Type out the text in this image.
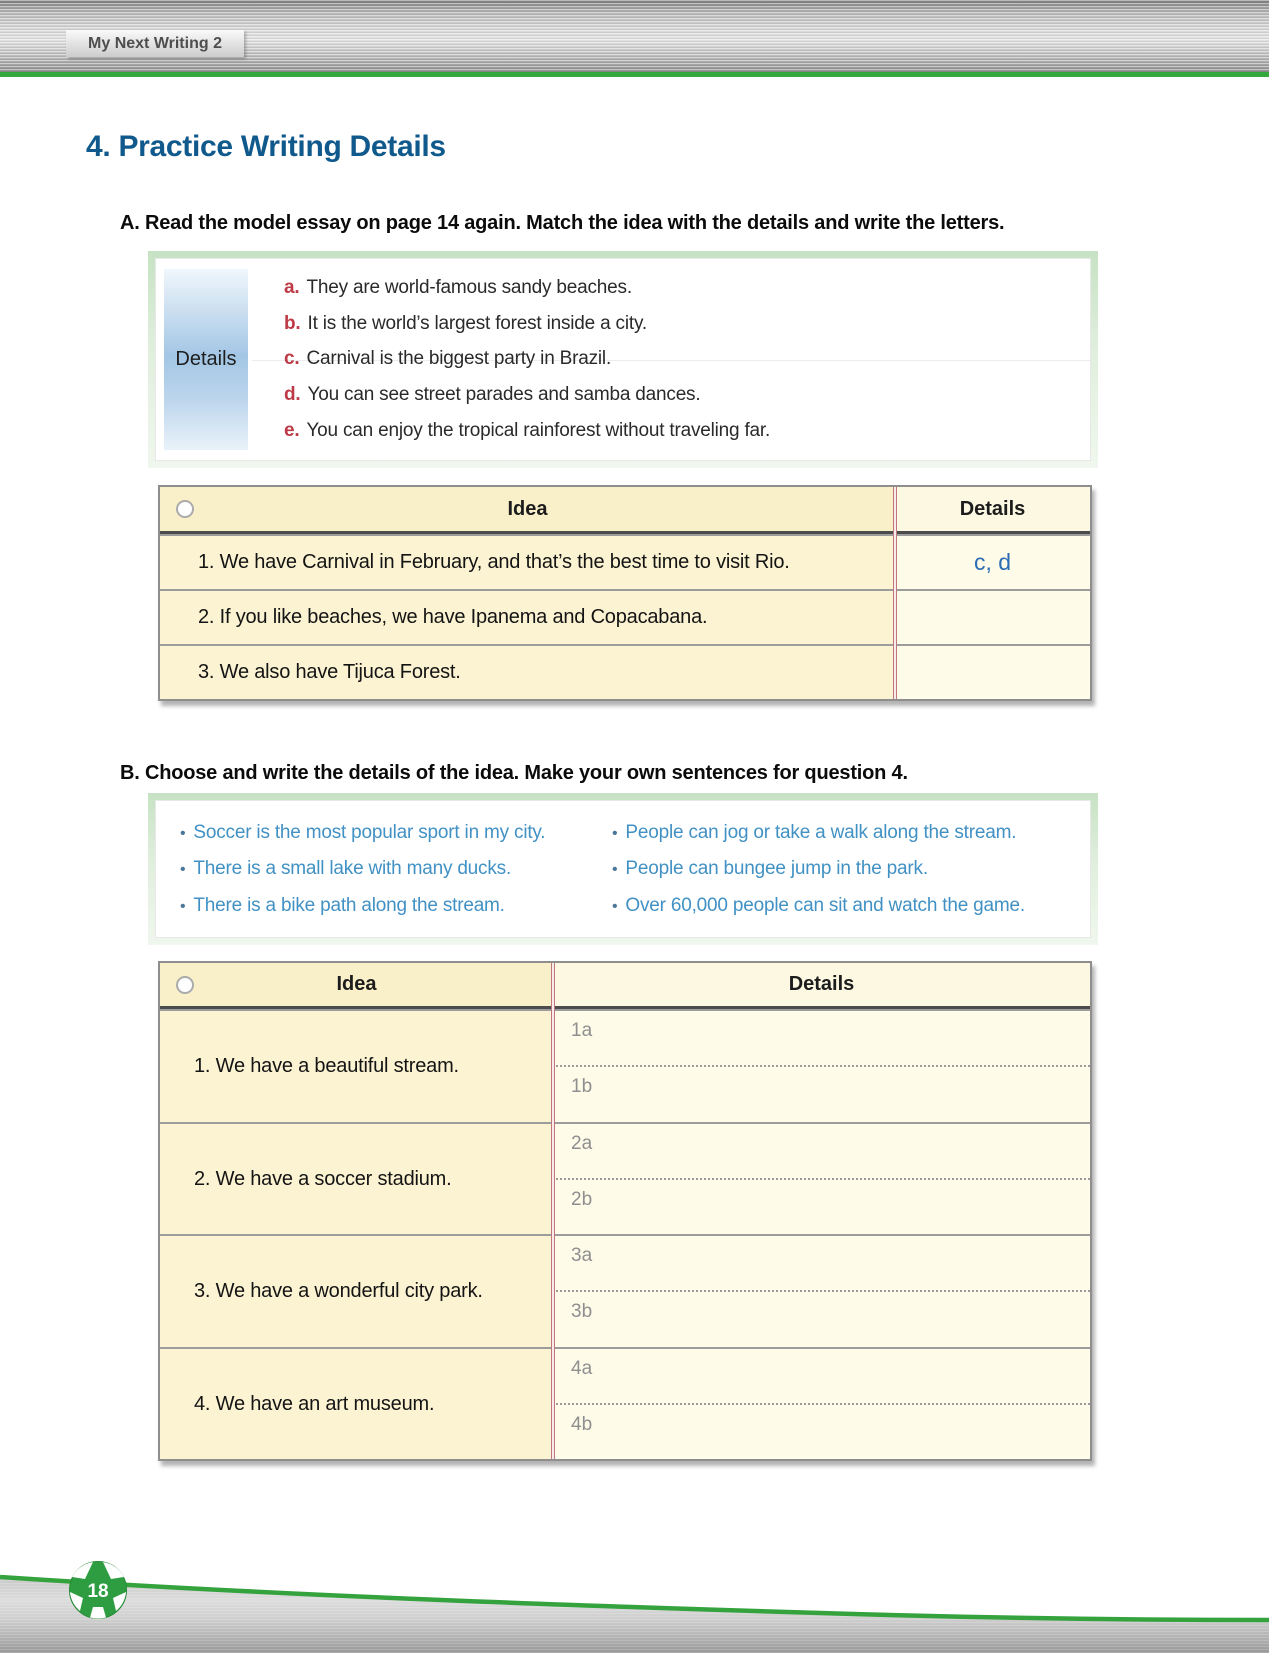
My Next Writing 2
4. Practice Writing Details
A. Read the model essay on page 14 again. Match the idea with the details and write the letters.
Details
a. They are world-famous sandy beaches.
b. It is the world’s largest forest inside a city.
c. Carnival is the biggest party in Brazil.
d. You can see street parades and samba dances.
e. You can enjoy the tropical rainforest without traveling far.
Idea	Details
1. We have Carnival in February, and that’s the best time to visit Rio.	c, d
2. If you like beaches, we have Ipanema and Copacabana.
3. We also have Tijuca Forest.
B. Choose and write the details of the idea. Make your own sentences for question 4.
• Soccer is the most popular sport in my city.
• There is a small lake with many ducks.
• There is a bike path along the stream.
• People can jog or take a walk along the stream.
• People can bungee jump in the park.
• Over 60,000 people can sit and watch the game.
Idea	Details
1. We have a beautiful stream.
1a
1b
2. We have a soccer stadium.
2a
2b
3. We have a wonderful city park.
3a
3b
4. We have an art museum.
4a
4b
18
